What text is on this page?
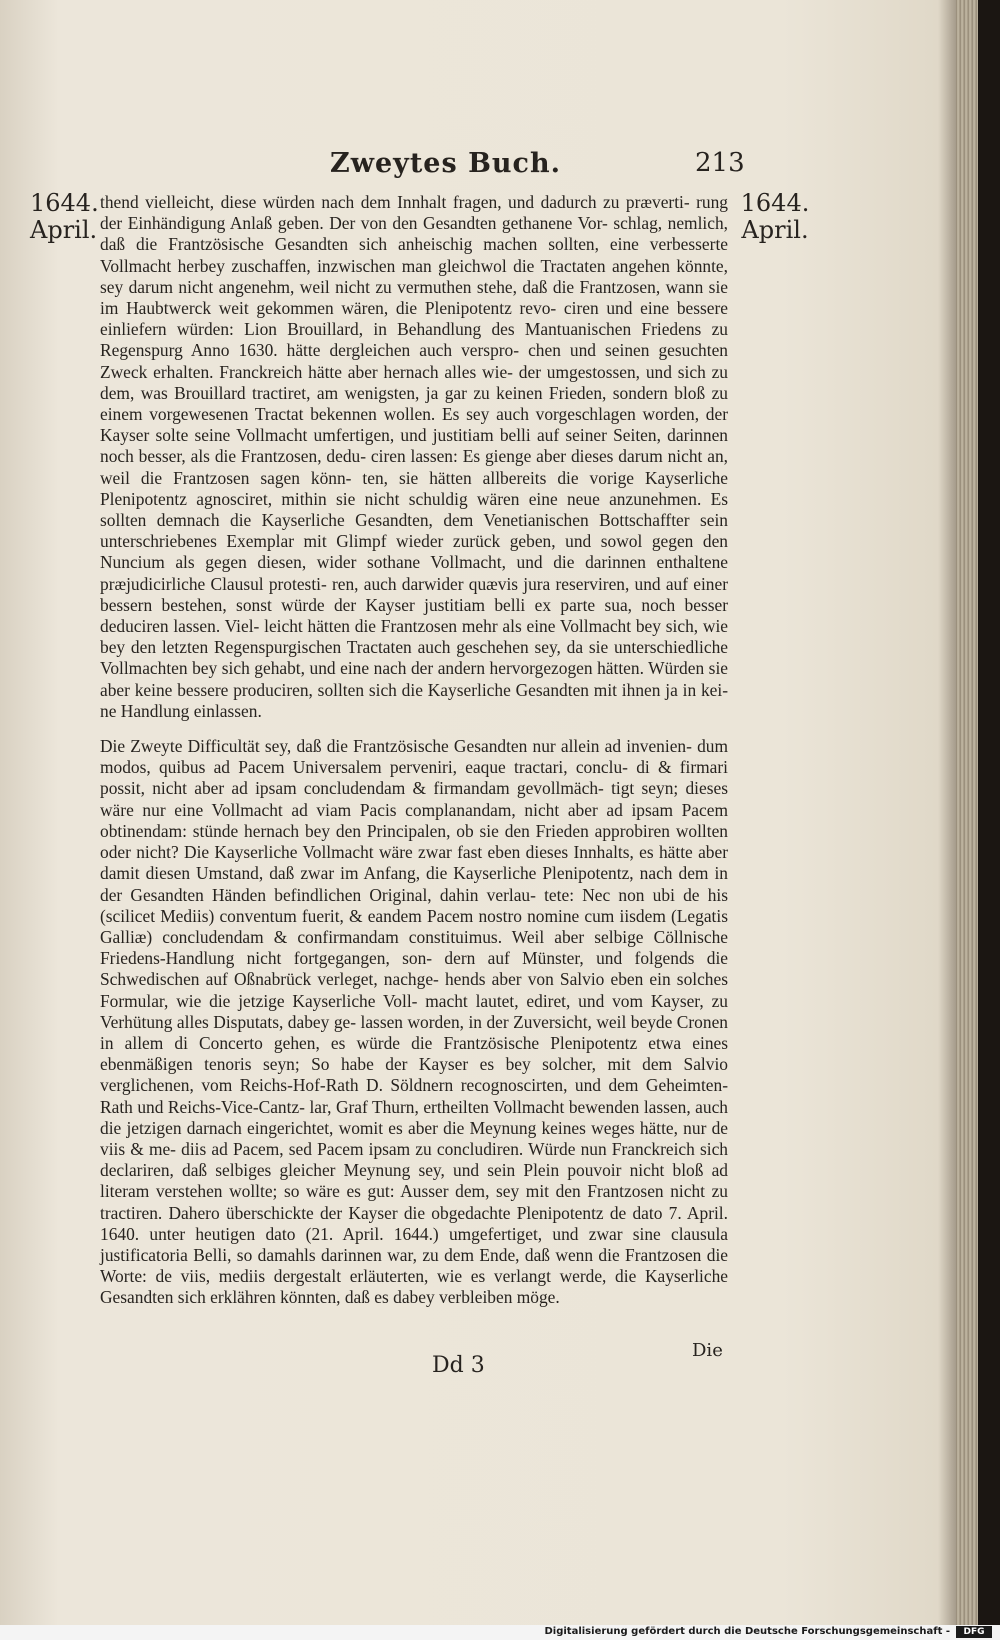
Zweytes Buch.	213
1644.
April.
1644.
April.

thend vielleicht, diese würden nach dem Innhalt fragen, und dadurch zu præverti- rung der Einhändigung Anlaß geben. Der von den Gesandten gethanene Vor- schlag, nemlich, daß die Frantzösische Gesandten sich anheischig machen sollten, eine verbesserte Vollmacht herbey zuschaffen, inzwischen man gleichwol die Tractaten angehen könnte, sey darum nicht angenehm, weil nicht zu vermuthen stehe, daß die Frantzosen, wann sie im Haubtwerck weit gekommen wären, die Plenipotentz revo- ciren und eine bessere einliefern würden: Lion Brouillard, in Behandlung des Mantuanischen Friedens zu Regenspurg Anno 1630. hätte dergleichen auch verspro- chen und seinen gesuchten Zweck erhalten. Franckreich hätte aber hernach alles wie- der umgestossen, und sich zu dem, was Brouillard tractiret, am wenigsten, ja gar zu keinen Frieden, sondern bloß zu einem vorgewesenen Tractat bekennen wollen. Es sey auch vorgeschlagen worden, der Kayser solte seine Vollmacht umfertigen, und justitiam belli auf seiner Seiten, darinnen noch besser, als die Frantzosen, dedu- ciren lassen: Es gienge aber dieses darum nicht an, weil die Frantzosen sagen könn- ten, sie hätten allbereits die vorige Kayserliche Plenipotentz agnosciret, mithin sie nicht schuldig wären eine neue anzunehmen. Es sollten demnach die Kayserliche Gesandten, dem Venetianischen Bottschaffter sein unterschriebenes Exemplar mit Glimpf wieder zurück geben, und sowol gegen den Nuncium als gegen diesen, wider sothane Vollmacht, und die darinnen enthaltene præjudicirliche Clausul protesti- ren, auch darwider quævis jura reserviren, und auf einer bessern bestehen, sonst würde der Kayser justitiam belli ex parte sua, noch besser deduciren lassen. Viel- leicht hätten die Frantzosen mehr als eine Vollmacht bey sich, wie bey den letzten Regenspurgischen Tractaten auch geschehen sey, da sie unterschiedliche Vollmachten bey sich gehabt, und eine nach der andern hervorgezogen hätten. Würden sie aber keine bessere produciren, sollten sich die Kayserliche Gesandten mit ihnen ja in kei- ne Handlung einlassen.

Die Zweyte Difficultät sey, daß die Frantzösische Gesandten nur allein ad invenien- dum modos, quibus ad Pacem Universalem perveniri, eaque tractari, conclu- di & firmari possit, nicht aber ad ipsam concludendam & firmandam gevollmäch- tigt seyn; dieses wäre nur eine Vollmacht ad viam Pacis complanandam, nicht aber ad ipsam Pacem obtinendam: stünde hernach bey den Principalen, ob sie den Frieden approbiren wollten oder nicht? Die Kayserliche Vollmacht wäre zwar fast eben dieses Innhalts, es hätte aber damit diesen Umstand, daß zwar im Anfang, die Kayserliche Plenipotentz, nach dem in der Gesandten Händen befindlichen Original, dahin verlau- tete: Nec non ubi de his (scilicet Mediis) conventum fuerit, & eandem Pacem nostro nomine cum iisdem (Legatis Galliæ) concludendam & confirmandam constituimus. Weil aber selbige Cöllnische Friedens-Handlung nicht fortgegangen, son- dern auf Münster, und folgends die Schwedischen auf Oßnabrück verleget, nachge- hends aber von Salvio eben ein solches Formular, wie die jetzige Kayserliche Voll- macht lautet, ediret, und vom Kayser, zu Verhütung alles Disputats, dabey ge- lassen worden, in der Zuversicht, weil beyde Cronen in allem di Concerto gehen, es würde die Frantzösische Plenipotentz etwa eines ebenmäßigen tenoris seyn; So habe der Kayser es bey solcher, mit dem Salvio verglichenen, vom Reichs-Hof-Rath D. Söldnern recognoscirten, und dem Geheimten-Rath und Reichs-Vice-Cantz- lar, Graf Thurn, ertheilten Vollmacht bewenden lassen, auch die jetzigen darnach eingerichtet, womit es aber die Meynung keines weges hätte, nur de viis & me- diis ad Pacem, sed Pacem ipsam zu concludiren. Würde nun Franckreich sich declariren, daß selbiges gleicher Meynung sey, und sein Plein pouvoir nicht bloß ad literam verstehen wollte; so wäre es gut: Ausser dem, sey mit den Frantzosen nicht zu tractiren. Dahero überschickte der Kayser die obgedachte Plenipotentz de dato 7. April. 1640. unter heutigen dato (21. April. 1644.) umgefertiget, und zwar sine clausula justificatoria Belli, so damahls darinnen war, zu dem Ende, daß wenn die Frantzosen die Worte: de viis, mediis dergestalt erläuterten, wie es verlangt werde, die Kayserliche Gesandten sich erklähren könnten, daß es dabey verbleiben möge.

Dd 3
Die
Digitalisierung gefördert durch die Deutsche Forschungsgemeinschaft -	DFG
